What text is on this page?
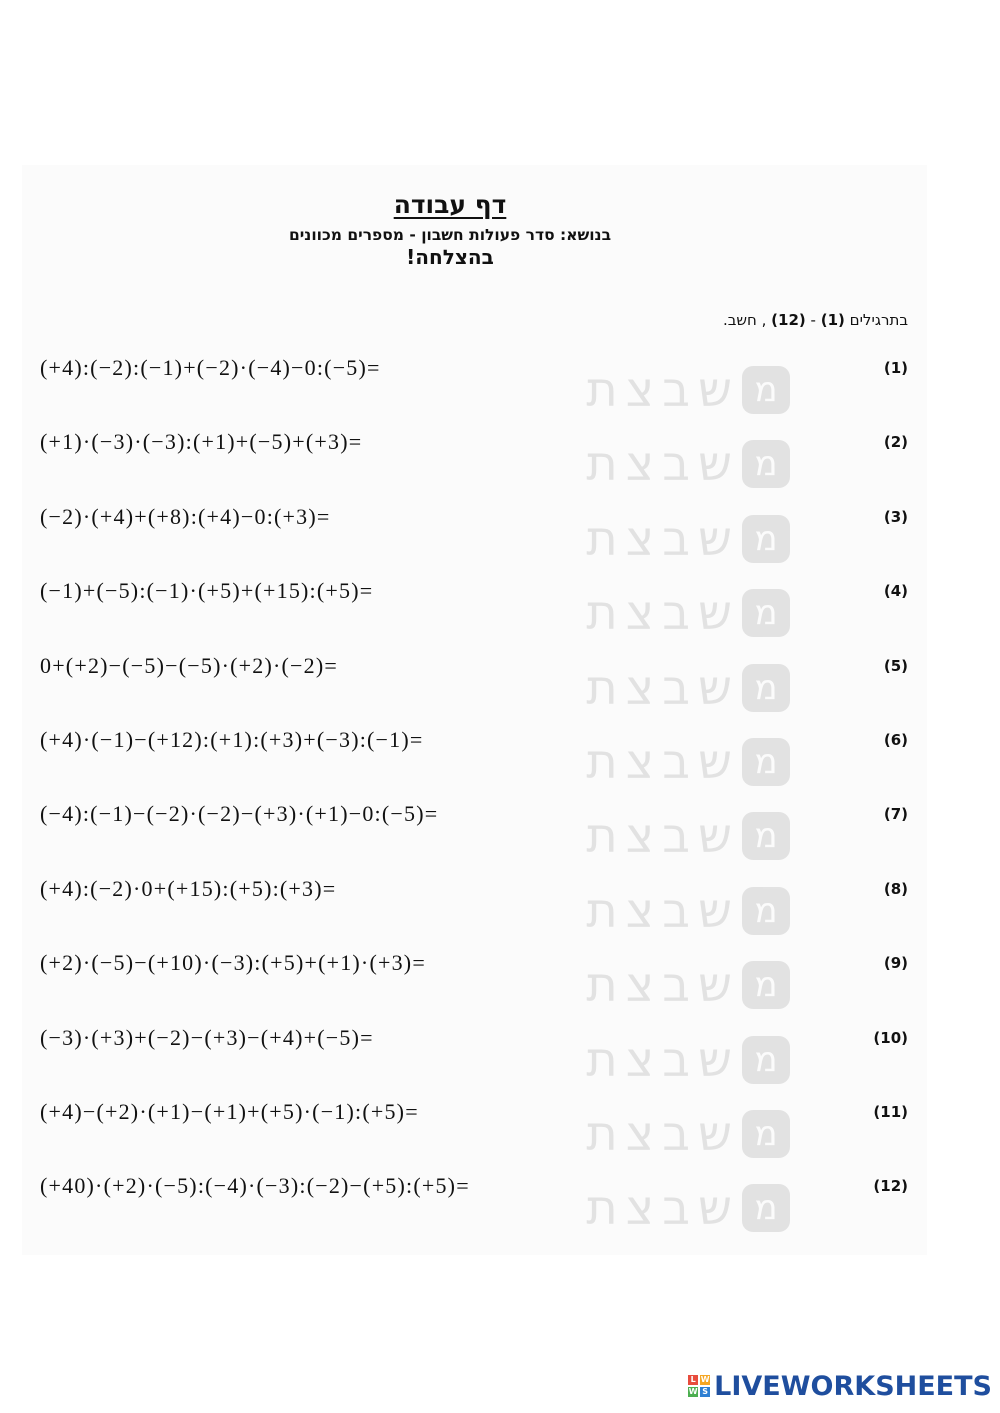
דף עבודה
בנושא: סדר פעולות חשבון - מספרים מכוונים
בהצלחה!
בתרגילים (1) - (12) , חשב.
(+4):(−2):(−1)+(−2)·(−4)−0:(−5)=	(1)
(+1)·(−3)·(−3):(+1)+(−5)+(+3)=	(2)
(−2)·(+4)+(+8):(+4)−0:(+3)=	(3)
(−1)+(−5):(−1)·(+5)+(+15):(+5)=	(4)
0+(+2)−(−5)−(−5)·(+2)·(−2)=	(5)
(+4)·(−1)−(+12):(+1):(+3)+(−3):(−1)=	(6)
(−4):(−1)−(−2)·(−2)−(+3)·(+1)−0:(−5)=	(7)
(+4):(−2)·0+(+15):(+5):(+3)=	(8)
(+2)·(−5)−(+10)·(−3):(+5)+(+1)·(+3)=	(9)
(−3)·(+3)+(−2)−(+3)−(+4)+(−5)=	(10)
(+4)−(+2)·(+1)−(+1)+(+5)·(−1):(+5)=	(11)
(+40)·(+2)·(−5):(−4)·(−3):(−2)−(+5):(+5)=	(12)
L W
W S LIVEWORKSHEETS
